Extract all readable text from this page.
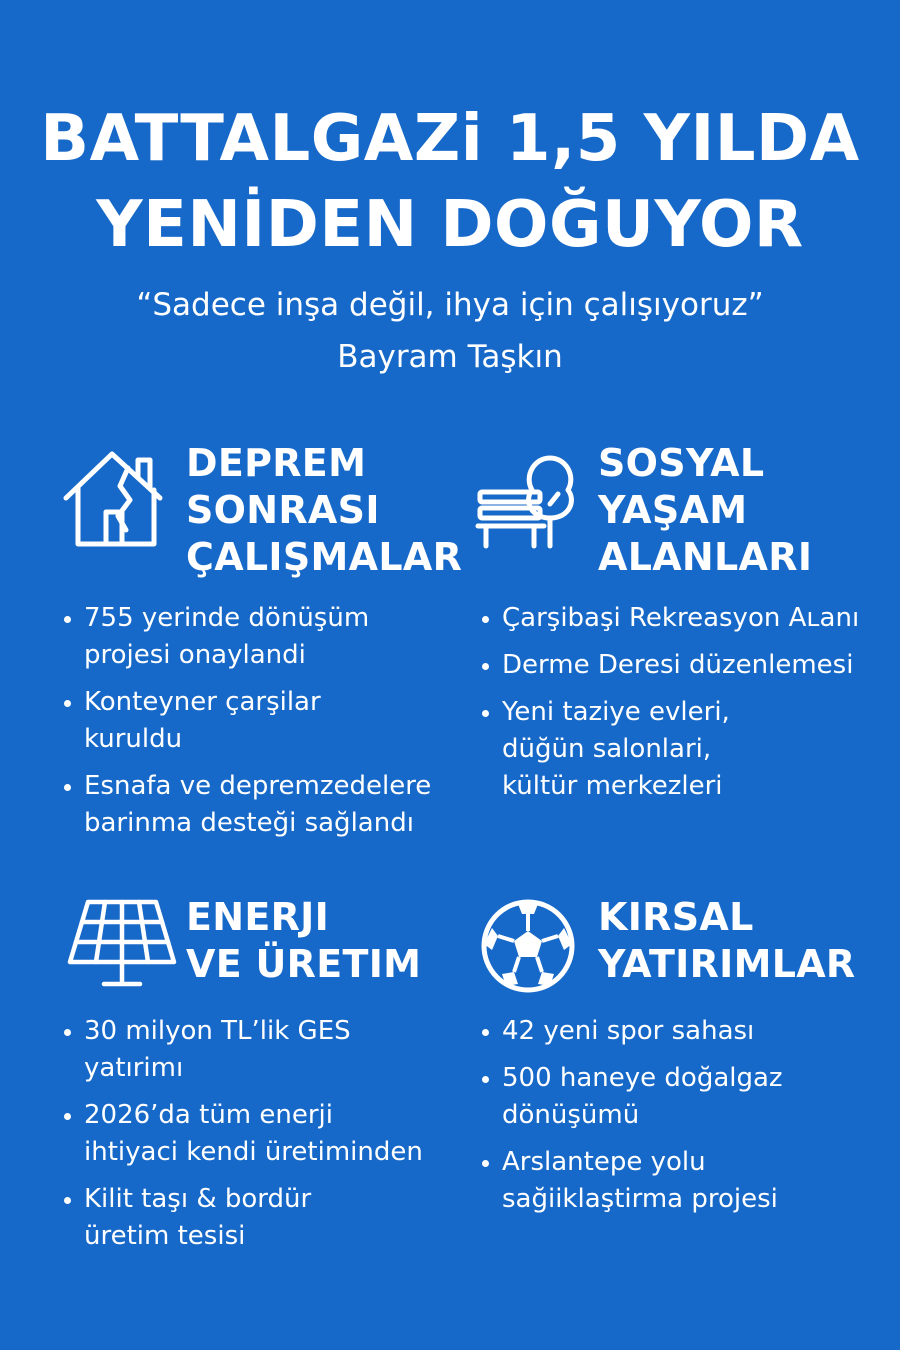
BATTALGAZi 1,5 YILDA
YENİDEN DOĞUYOR
“Sadece inşa değil, ihya için çalışıyoruz”
Bayram Taşkın
DEPREM
SONRASI
ÇALIŞMALAR
755 yerinde dönüşüm
projesi onaylandi
Konteyner çarşilar
kuruldu
Esnafa ve depremzedelere
barinma desteği sağlandı
SOSYAL
YAŞAM
ALANLARI
Çarşibaşi Rekreasyon Aʟanı
Derme Deresi düzenlemesi
Yeni taziye evleri,
düğün salonlari,
kültür merkezleri
ENERJI
VE ÜRETIM
30 milyon TL’lik GES
yatırimı
2026’da tüm enerji
ihtiyaci kendi üretiminden
Kilit taşı & bordür
üretim tesisi
KIRSAL
YATIRIMLAR
42 yeni spor sahası
500 haneye doğalgaz
dönüşümü
Arslantepe yolu
sağiiklaştirma projesi
